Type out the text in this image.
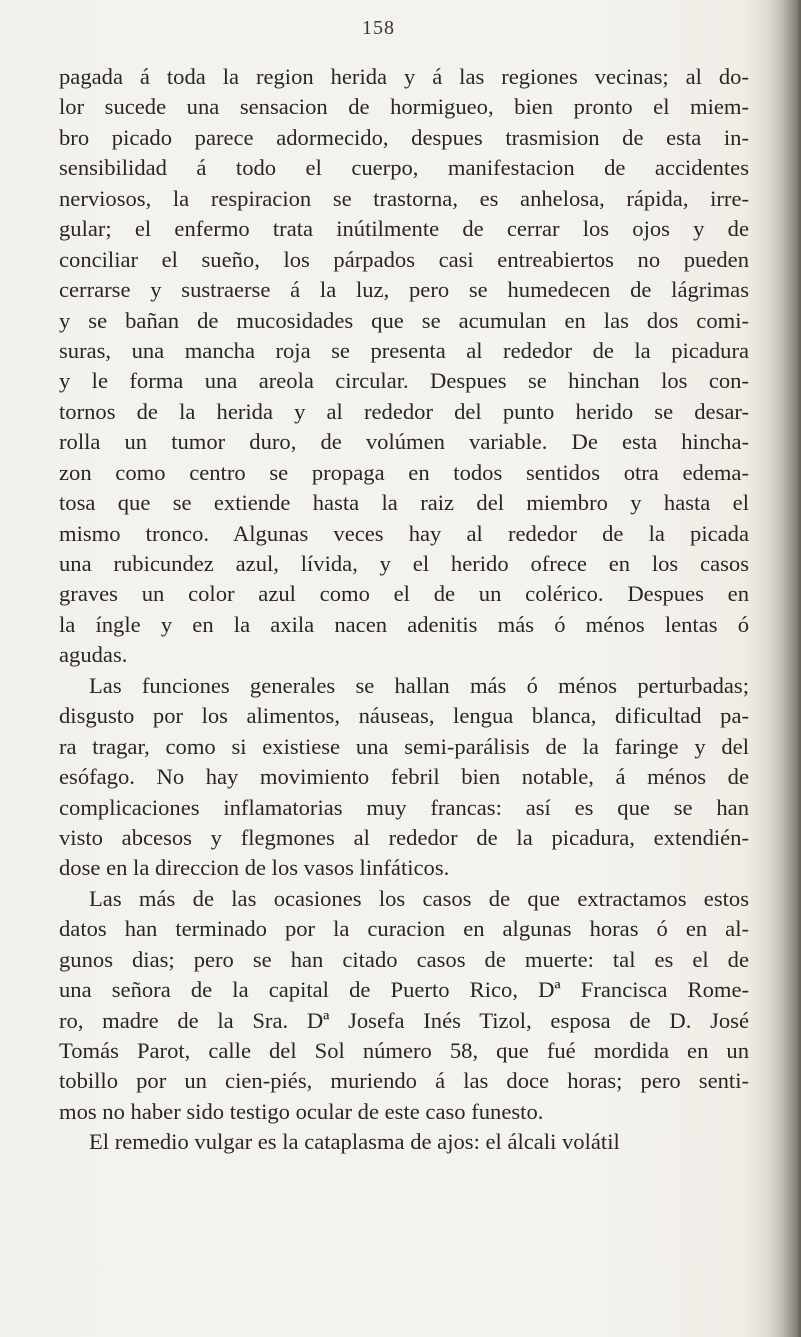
158

pagada á toda la region herida y á las regiones vecinas; al do-
lor sucede una sensacion de hormigueo, bien pronto el miem-
bro picado parece adormecido, despues trasmision de esta in-
sensibilidad á todo el cuerpo, manifestacion de accidentes
nerviosos, la respiracion se trastorna, es anhelosa, rápida, irre-
gular; el enfermo trata inútilmente de cerrar los ojos y de
conciliar el sueño, los párpados casi entreabiertos no pueden
cerrarse y sustraerse á la luz, pero se humedecen de lágrimas
y se bañan de mucosidades que se acumulan en las dos comi-
suras, una mancha roja se presenta al rededor de la picadura
y le forma una areola circular. Despues se hinchan los con-
tornos de la herida y al rededor del punto herido se desar-
rolla un tumor duro, de volúmen variable. De esta hincha-
zon como centro se propaga en todos sentidos otra edema-
tosa que se extiende hasta la raiz del miembro y hasta el
mismo tronco. Algunas veces hay al rededor de la picada
una rubicundez azul, lívida, y el herido ofrece en los casos
graves un color azul como el de un colérico. Despues en
la íngle y en la axila nacen adenitis más ó ménos lentas ó
agudas.

Las funciones generales se hallan más ó ménos perturbadas;
disgusto por los alimentos, náuseas, lengua blanca, dificultad pa-
ra tragar, como si existiese una semi-parálisis de la faringe y del
esófago. No hay movimiento febril bien notable, á ménos de
complicaciones inflamatorias muy francas: así es que se han
visto abcesos y flegmones al rededor de la picadura, extendién-
dose en la direccion de los vasos linfáticos.

Las más de las ocasiones los casos de que extractamos estos
datos han terminado por la curacion en algunas horas ó en al-
gunos dias; pero se han citado casos de muerte: tal es el de
una señora de la capital de Puerto Rico, Dª Francisca Rome-
ro, madre de la Sra. Dª Josefa Inés Tizol, esposa de D. José
Tomás Parot, calle del Sol número 58, que fué mordida en un
tobillo por un cien-piés, muriendo á las doce horas; pero senti-
mos no haber sido testigo ocular de este caso funesto.

El remedio vulgar es la cataplasma de ajos: el álcali volátil
